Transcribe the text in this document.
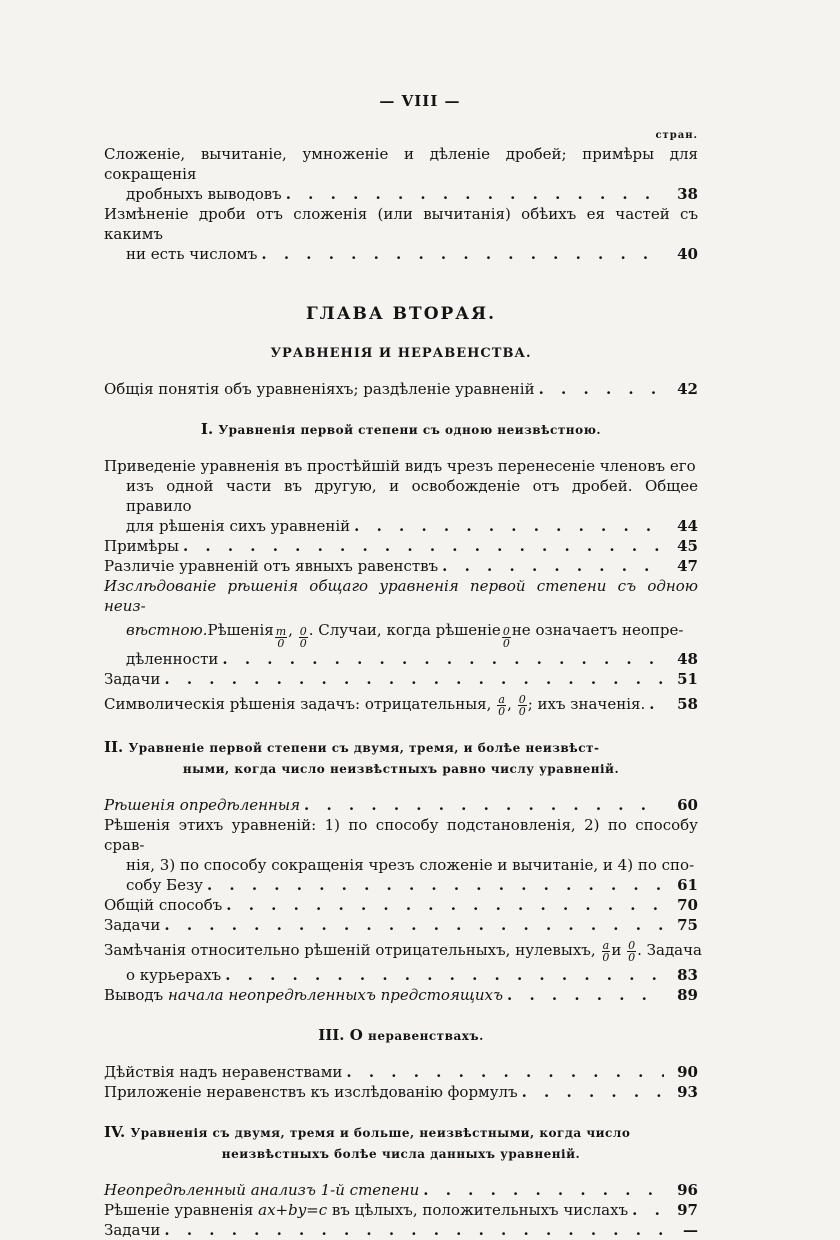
— VIII —
стран.
Сложеніе, вычитаніе, умноженіе и дѣленіе дробей; примѣры для сокращенія
дробныхъ выводовъ . . .	38
Измѣненіе дроби отъ сложенія (или вычитанія) обѣихъ ея частей съ какимъ
ни есть числомъ . . .	40
ГЛАВА ВТОРАЯ.
УРАВНЕНІЯ И НЕРАВЕНСТВА.
Общія понятія объ уравненіяхъ; раздѣленіе уравненій . . .	42
I. Уравненія первой степени съ одною неизвѣстною.
Приведеніе уравненія въ простѣйшій видъ чрезъ перенесеніе членовъ его
изъ одной части въ другую, и освобожденіе отъ дробей. Общее правило
для рѣшенія сихъ уравненій . . .	44
Примѣры . . .	45
Различіе уравненій отъ явныхъ равенствъ . . .	47
Изслѣдованіе рѣшенія общаго уравненія первой степени съ одною неиз-
вѣстною. Рѣшенія $\frac{m}{0}$ , $\frac{0}{0}$ . Случаи, когда рѣшеніе $\frac{0}{0}$ не означаетъ неопре-
дѣленности . . .	48
Задачи . . .	51
Символическія рѣшенія задачъ: отрицательныя, $\frac{a}{0}$ , $\frac{0}{0}$ ; ихъ значенія. . . .	58
II. Уравненіе первой степени съ двумя, тремя, и болѣе неизвѣст-
ными, когда число неизвѣстныхъ равно числу уравненій.
Рѣшенія опредѣленныя . . .	60
Рѣшенія этихъ уравненій: 1) по способу подстановленія, 2) по способу срав-
нія, 3) по способу сокращенія чрезъ сложеніе и вычитаніе, и 4) по спо-
собу Безу . . .	61
Общій способъ . . .	70
Задачи . . .	75
Замѣчанія относительно рѣшеній отрицательныхъ, нулевыхъ, $\frac{a}{0}$ и $\frac{0}{0}$ . Задача
о курьерахъ . . .	83
Выводъ начала неопредѣленныхъ предстоящихъ . . .	89
III. О неравенствахъ.
Дѣйствія надъ неравенствами . . .	90
Приложеніе неравенствъ къ изслѣдованію формулъ . . .	93
IV. Уравненія съ двумя, тремя и больше, неизвѣстными, когда число
неизвѣстныхъ болѣе числа данныхъ уравненій.
Неопредѣленный анализъ 1-й степени . . .	96
Рѣшеніе уравненія ax+by=c въ цѣлыхъ, положительныхъ числахъ . . .	97
Задачи . . .	—
